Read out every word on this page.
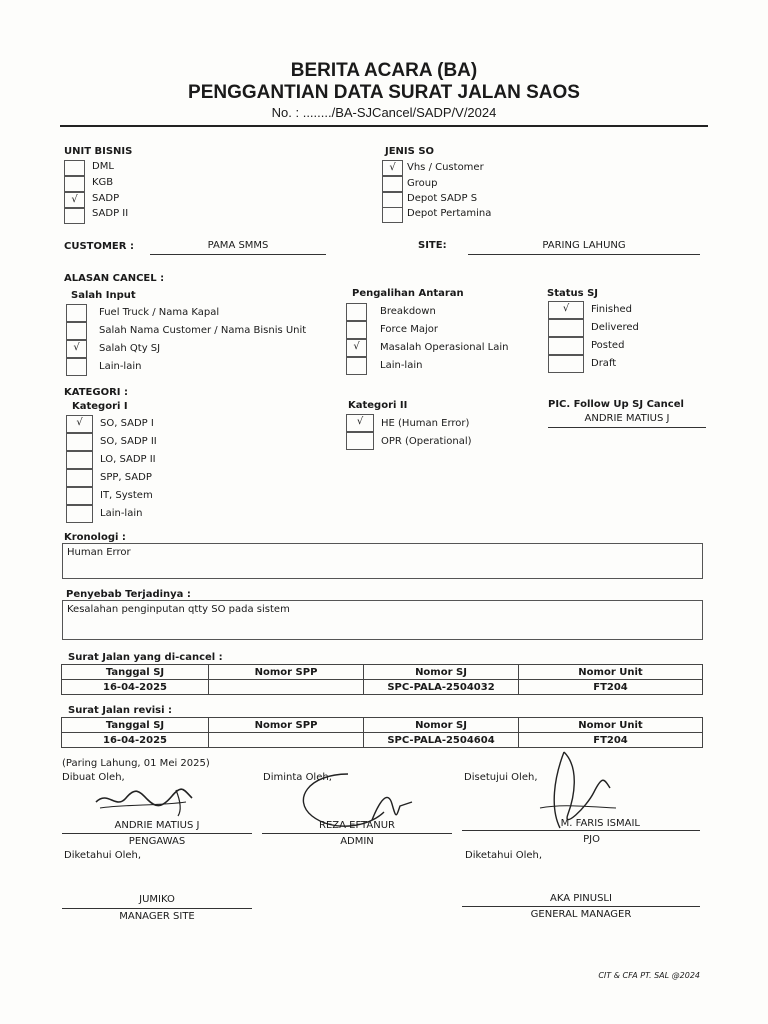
BERITA ACARA (BA)
PENGGANTIAN DATA SURAT JALAN SAOS
No. : ......../BA-SJCancel/SADP/V/2024
UNIT BISNIS
DML
KGB
√	SADP
SADP II
JENIS SO
√	Vhs / Customer
Group
Depot SADP S
Depot Pertamina
CUSTOMER :	PAMA SMMS	SITE:	PARING LAHUNG
ALASAN CANCEL :
Salah Input
Fuel Truck / Nama Kapal
Salah Nama Customer / Nama Bisnis Unit
√	Salah Qty SJ
Lain-lain
Pengalihan Antaran
Breakdown
Force Major
√	Masalah Operasional Lain
Lain-lain
Status SJ
√	Finished
Delivered
Posted
Draft
KATEGORI :
Kategori I
√	SO, SADP I
SO, SADP II
LO, SADP II
SPP, SADP
IT, System
Lain-lain
Kategori II
√	HE (Human Error)
OPR (Operational)
PIC. Follow Up SJ Cancel
ANDRIE MATIUS J
Kronologi :
Human Error
Penyebab Terjadinya :
Kesalahan penginputan qtty SO pada sistem
Surat Jalan yang di-cancel :
Tanggal SJ	Nomor SPP	Nomor SJ	Nomor Unit
16-04-2025		SPC-PALA-2504032	FT204
Surat Jalan revisi :
Tanggal SJ	Nomor SPP	Nomor SJ	Nomor Unit
16-04-2025		SPC-PALA-2504604	FT204
(Paring Lahung, 01 Mei 2025)
Dibuat Oleh,
ANDRIE MATIUS J
PENGAWAS
Diminta Oleh,
REZA EFTANUR
ADMIN
Disetujui Oleh,
M. FARIS ISMAIL
PJO
Diketahui Oleh,
JUMIKO
MANAGER SITE
Diketahui Oleh,
AKA PINUSLI
GENERAL MANAGER
CIT & CFA PT. SAL @2024
